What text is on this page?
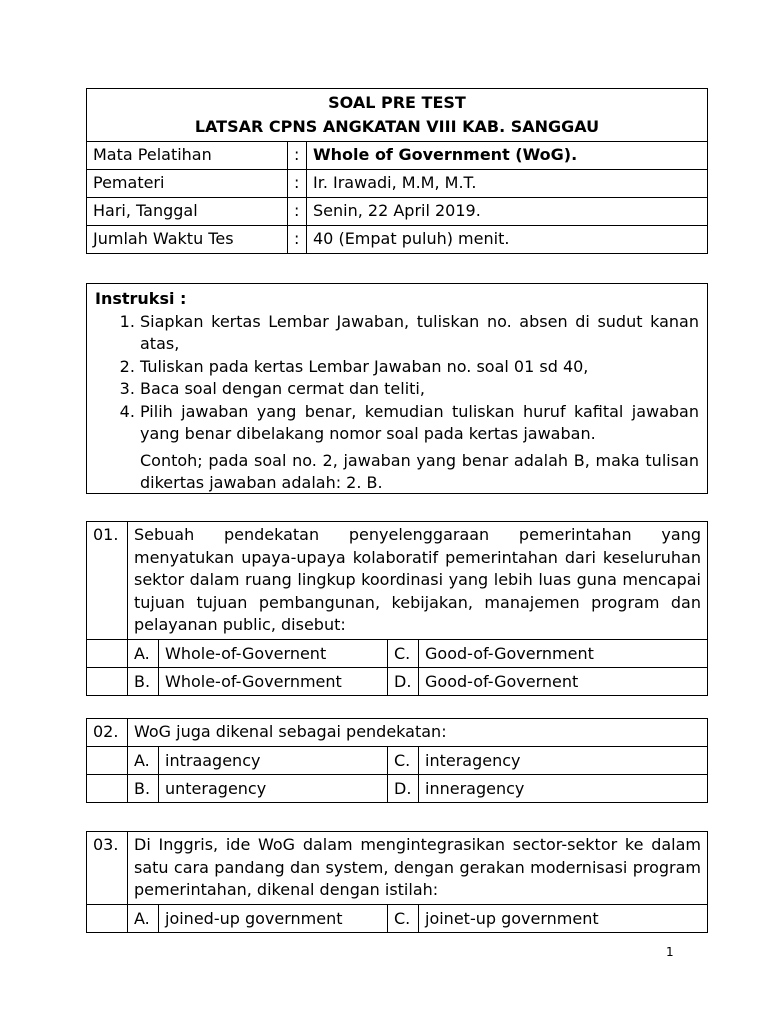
SOAL PRE TEST
LATSAR CPNS ANGKATAN VIII KAB. SANGGAU		

Mata Pelatihan	:	Whole of Government (WoG).
Pemateri	:	Ir. Irawadi, M.M, M.T.
Hari, Tanggal	:	Senin, 22 April 2019.
Jumlah Waktu Tes	:	40 (Empat puluh) menit.
Instruksi :
1. Siapkan kertas Lembar Jawaban, tuliskan no. absen di sudut kanan atas,
2. Tuliskan pada kertas Lembar Jawaban no. soal 01 sd 40,
3. Baca soal dengan cermat dan teliti,
4. Pilih jawaban yang benar, kemudian tuliskan huruf kafital jawaban yang benar dibelakang nomor soal pada kertas jawaban.
Contoh; pada soal no. 2, jawaban yang benar adalah B, maka tulisan dikertas jawaban adalah: 2. B.
01.	Sebuah pendekatan penyelenggaraan pemerintahan yang menyatukan upaya-upaya kolaboratif pemerintahan dari keseluruhan sektor dalam ruang lingkup koordinasi yang lebih luas guna mencapai tujuan tujuan pembangunan, kebijakan, manajemen program dan pelayanan public, disebut:			
	A.	Whole-of-Governent	C.	Good-of-Government
	B.	Whole-of-Government	D.	Good-of-Governent
02.	WoG juga dikenal sebagai pendekatan:			
	A.	intraagency	C.	interagency
	B.	unteragency	D.	inneragency
03.	Di Inggris, ide WoG dalam mengintegrasikan sector-sektor ke dalam satu cara pandang dan system, dengan gerakan modernisasi program pemerintahan, dikenal dengan istilah:			
	A.	joined-up government	C.	joinet-up government
1
